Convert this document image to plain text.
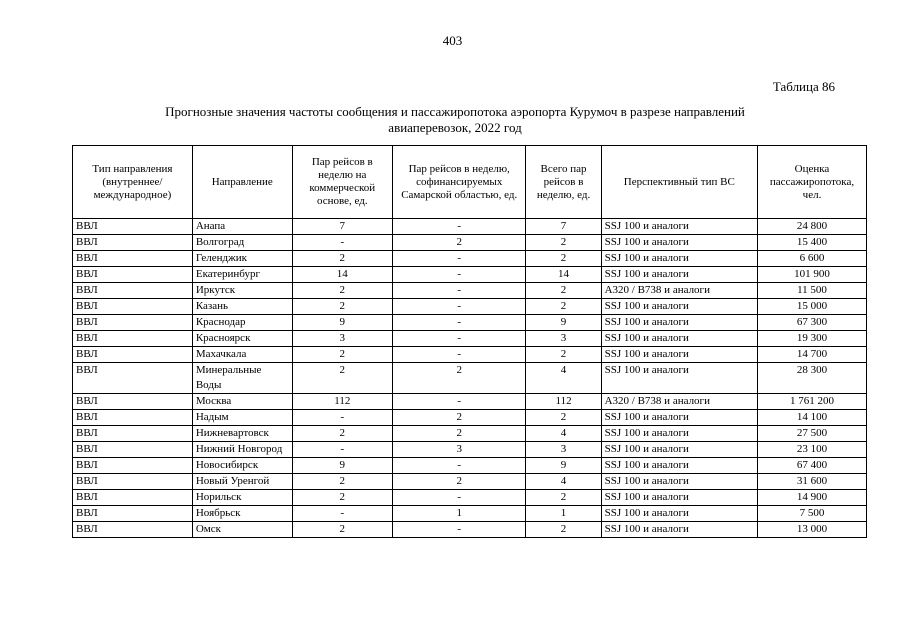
403
Таблица 86
Прогнозные значения частоты сообщения и пассажиропотока аэропорта Курумоч в разрезе направлений
авиаперевозок, 2022 год
Тип направления (внутреннее/ международное)	Направление	Пар рейсов в неделю на коммерческой основе, ед.	Пар рейсов в неделю, софинансируемых Самарской областью, ед.	Всего пар рейсов в неделю, ед.	Перспективный тип ВС	Оценка пассажиропотока, чел.
ВВЛ	Анапа	7	-	7	SSJ 100 и аналоги	24 800
ВВЛ	Волгоград	-	2	2	SSJ 100 и аналоги	15 400
ВВЛ	Геленджик	2	-	2	SSJ 100 и аналоги	6 600
ВВЛ	Екатеринбург	14	-	14	SSJ 100 и аналоги	101 900
ВВЛ	Иркутск	2	-	2	A320 / B738 и аналоги	11 500
ВВЛ	Казань	2	-	2	SSJ 100 и аналоги	15 000
ВВЛ	Краснодар	9	-	9	SSJ 100 и аналоги	67 300
ВВЛ	Красноярск	3	-	3	SSJ 100 и аналоги	19 300
ВВЛ	Махачкала	2	-	2	SSJ 100 и аналоги	14 700
ВВЛ	Минеральные Воды	2	2	4	SSJ 100 и аналоги	28 300
ВВЛ	Москва	112	-	112	A320 / B738 и аналоги	1 761 200
ВВЛ	Надым	-	2	2	SSJ 100 и аналоги	14 100
ВВЛ	Нижневартовск	2	2	4	SSJ 100 и аналоги	27 500
ВВЛ	Нижний Новгород	-	3	3	SSJ 100 и аналоги	23 100
ВВЛ	Новосибирск	9	-	9	SSJ 100 и аналоги	67 400
ВВЛ	Новый Уренгой	2	2	4	SSJ 100 и аналоги	31 600
ВВЛ	Норильск	2	-	2	SSJ 100 и аналоги	14 900
ВВЛ	Ноябрьск	-	1	1	SSJ 100 и аналоги	7 500
ВВЛ	Омск	2	-	2	SSJ 100 и аналоги	13 000
